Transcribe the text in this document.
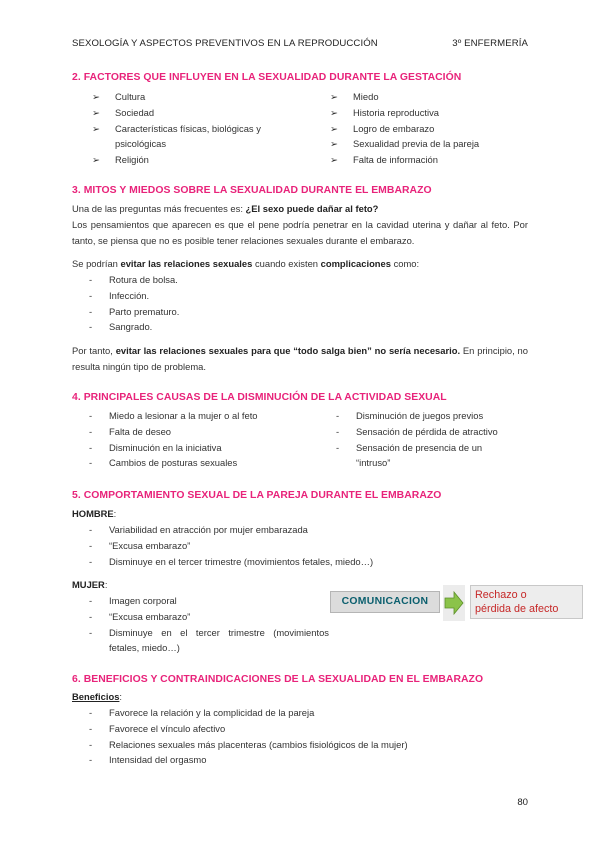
SEXOLOGÍA Y ASPECTOS PREVENTIVOS EN LA REPRODUCCIÓN	3º ENFERMERÍA
2. FACTORES QUE INFLUYEN EN LA SEXUALIDAD DURANTE LA GESTACIÓN
➢ Cultura
➢ Sociedad
➢ Características físicas, biológicas y psicológicas
➢ Religión
➢ Miedo
➢ Historia reproductiva
➢ Logro de embarazo
➢ Sexualidad previa de la pareja
➢ Falta de información
3. MITOS Y MIEDOS SOBRE LA SEXUALIDAD DURANTE EL EMBARAZO
Una de las preguntas más frecuentes es: ¿El sexo puede dañar al feto?
Los pensamientos que aparecen es que el pene podría penetrar en la cavidad uterina y dañar al feto. Por tanto, se piensa que no es posible tener relaciones sexuales durante el embarazo.
Se podrían evitar las relaciones sexuales cuando existen complicaciones como:
- Rotura de bolsa.
- Infección.
- Parto prematuro.
- Sangrado.
Por tanto, evitar las relaciones sexuales para que “todo salga bien” no sería necesario. En principio, no resulta ningún tipo de problema.
4. PRINCIPALES CAUSAS DE LA DISMINUCIÓN DE LA ACTIVIDAD SEXUAL
- Miedo a lesionar a la mujer o al feto
- Falta de deseo
- Disminución en la iniciativa
- Cambios de posturas sexuales
- Disminución de juegos previos
- Sensación de pérdida de atractivo
- Sensación de presencia de un “intruso”
5. COMPORTAMIENTO SEXUAL DE LA PAREJA DURANTE EL EMBARAZO
HOMBRE:
- Variabilidad en atracción por mujer embarazada
- “Excusa embarazo”
- Disminuye en el tercer trimestre (movimientos fetales, miedo…)
MUJER:
- Imagen corporal
- “Excusa embarazo”
- Disminuye en el tercer trimestre (movimientos fetales, miedo…)
COMUNICACION
Rechazo o
pérdida de afecto
6. BENEFICIOS Y CONTRAINDICACIONES DE LA SEXUALIDAD EN EL EMBARAZO
Beneficios:
- Favorece la relación y la complicidad de la pareja
- Favorece el vínculo afectivo
- Relaciones sexuales más placenteras (cambios fisiológicos de la mujer)
- Intensidad del orgasmo
80
